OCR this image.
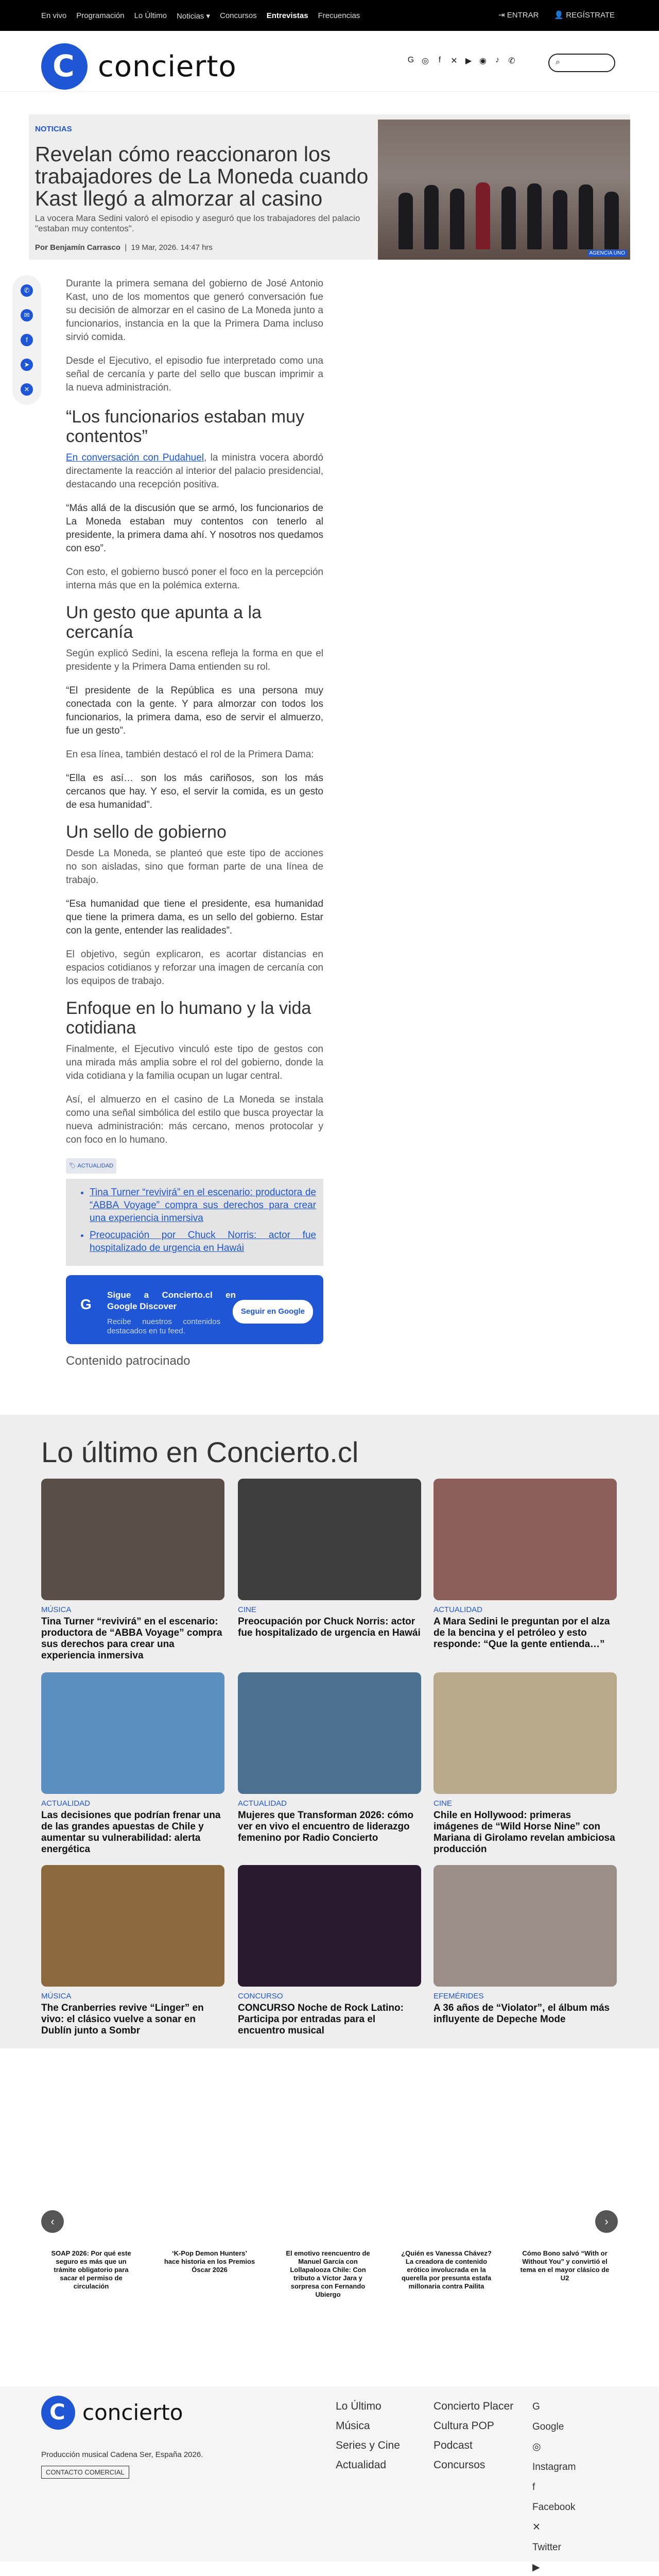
En vivo Programación Lo Último Noticias ▾ Concursos Entrevistas Frecuencias	⇥ ENTRAR 👤 REGÍSTRATE
C concierto	G ◎	f	✕ ▶ ◉ ♪ ✆	⌕
NOTICIAS
Revelan cómo reaccionaron los trabajadores de La Moneda cuando Kast llegó a almorzar al casino
La vocera Mara Sedini valoró el episodio y aseguró que los trabajadores del palacio "estaban muy contentos".
Por Benjamín Carrasco  |  19 Mar, 2026. 14:47 hrs
AGENCIA UNO
✆
✉
f
➤
✕

Durante la primera semana del gobierno de José Antonio Kast, uno de los momentos que generó conversación fue su decisión de almorzar en el casino de La Moneda junto a funcionarios, instancia en la que la Primera Dama incluso sirvió comida.

Desde el Ejecutivo, el episodio fue interpretado como una señal de cercanía y parte del sello que buscan imprimir a la nueva administración.

“Los funcionarios estaban muy contentos”

En conversación con Pudahuel, la ministra vocera abordó directamente la reacción al interior del palacio presidencial, destacando una recepción positiva.

“Más allá de la discusión que se armó, los funcionarios de La Moneda estaban muy contentos con tenerlo al presidente, la primera dama ahí. Y nosotros nos quedamos con eso”.

Con esto, el gobierno buscó poner el foco en la percepción interna más que en la polémica externa.

Un gesto que apunta a la cercanía

Según explicó Sedini, la escena refleja la forma en que el presidente y la Primera Dama entienden su rol.

“El presidente de la República es una persona muy conectada con la gente. Y para almorzar con todos los funcionarios, la primera dama, eso de servir el almuerzo, fue un gesto”.

En esa línea, también destacó el rol de la Primera Dama:

“Ella es así… son los más cariñosos, son los más cercanos que hay. Y eso, el servir la comida, es un gesto de esa humanidad”.

Un sello de gobierno

Desde La Moneda, se planteó que este tipo de acciones no son aisladas, sino que forman parte de una línea de trabajo.

“Esa humanidad que tiene el presidente, esa humanidad que tiene la primera dama, es un sello del gobierno. Estar con la gente, entender las realidades”.

El objetivo, según explicaron, es acortar distancias en espacios cotidianos y reforzar una imagen de cercanía con los equipos de trabajo.

Enfoque en lo humano y la vida cotidiana

Finalmente, el Ejecutivo vinculó este tipo de gestos con una mirada más amplia sobre el rol del gobierno, donde la vida cotidiana y la familia ocupan un lugar central.

Así, el almuerzo en el casino de La Moneda se instala como una señal simbólica del estilo que busca proyectar la nueva administración: más cercano, menos protocolar y con foco en lo humano.

🏷 ACTUALIDAD
• Tina Turner “revivirá” en el escenario: productora de “ABBA Voyage” compra sus derechos para crear una experiencia inmersiva
• Preocupación por Chuck Norris: actor fue hospitalizado de urgencia en Hawái
G
Sigue a Concierto.cl en Google Discover
Recibe nuestros contenidos destacados en tu feed.
Seguir en Google
Contenido patrocinado
Lo último en Concierto.cl
MÚSICA
Tina Turner “revivirá” en el escenario: productora de “ABBA Voyage” compra sus derechos para crear una experiencia inmersiva
CINE
Preocupación por Chuck Norris: actor fue hospitalizado de urgencia en Hawái
ACTUALIDAD
A Mara Sedini le preguntan por el alza de la bencina y el petróleo y esto responde: “Que la gente entienda…”
ACTUALIDAD
Las decisiones que podrían frenar una de las grandes apuestas de Chile y aumentar su vulnerabilidad: alerta energética
ACTUALIDAD
Mujeres que Transforman 2026: cómo ver en vivo el encuentro de liderazgo femenino por Radio Concierto
CINE
Chile en Hollywood: primeras imágenes de “Wild Horse Nine” con Mariana di Girolamo revelan ambiciosa producción
MÚSICA
The Cranberries revive “Linger” en vivo: el clásico vuelve a sonar en Dublín junto a Sombr
CONCURSO
CONCURSO Noche de Rock Latino: Participa por entradas para el encuentro musical
EFEMÉRIDES
A 36 años de “Violator”, el álbum más influyente de Depeche Mode
‹	›
SOAP 2026: Por qué este seguro es más que un trámite obligatorio para sacar el permiso de circulación
‘K-Pop Demon Hunters’ hace historia en los Premios Óscar 2026
El emotivo reencuentro de Manuel García con Lollapalooza Chile: Con tributo a Víctor Jara y sorpresa con Fernando Ubiergo
¿Quién es Vanessa Chávez? La creadora de contenido erótico involucrada en la querella por presunta estafa millonaria contra Pailita
Cómo Bono salvó “With or Without You” y convirtió el tema en el mayor clásico de U2
C concierto
Producción musical Cadena Ser, España 2026.
CONTACTO COMERCIAL
Lo Último
Música
Series y Cine
Actualidad
Concierto Placer
Cultura POP
Podcast
Concursos
G
Google
◎
Instagram
f
Facebook
✕
Twitter
▶
